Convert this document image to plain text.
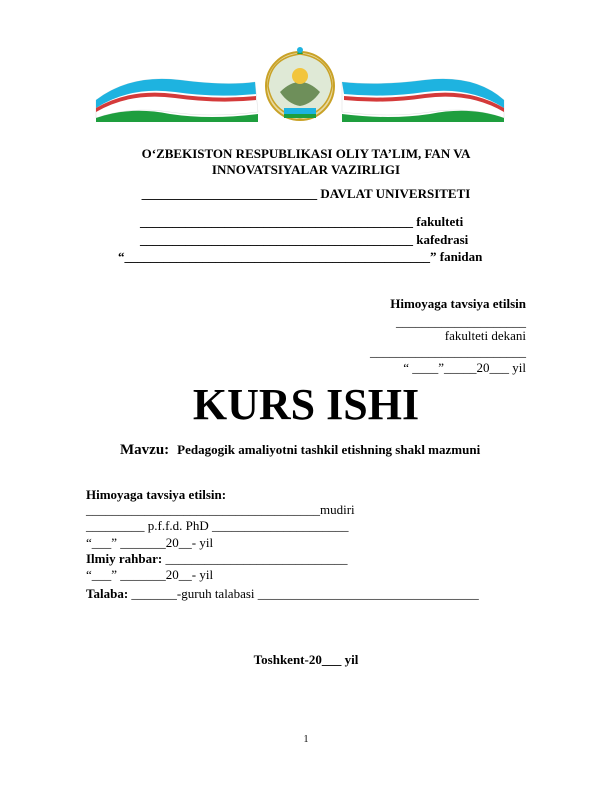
O‘ZBEKISTON RESPUBLIKASI OLIY TA’LIM, FAN VA
INNOVATSIYALAR VAZIRLIGI
___________________________ DAVLAT UNIVERSITETI
__________________________________________ fakulteti
__________________________________________ kafedrasi
“_______________________________________________” fanidan
Himoyaga tavsiya etilsin
____________________
fakulteti dekani
________________________
“ ____”_____20___ yil
KURS ISHI
Mavzu: Pedagogik amaliyotni tashkil etishning shakl mazmuni
Himoyaga tavsiya etilsin:
____________________________________mudiri
_________ p.f.f.d. PhD _____________________
“___” _______20__- yil
Ilmiy rahbar: ____________________________
“___” _______20__- yil
Talaba: _______-guruh talabasi __________________________________
Toshkent-20___ yil
1
